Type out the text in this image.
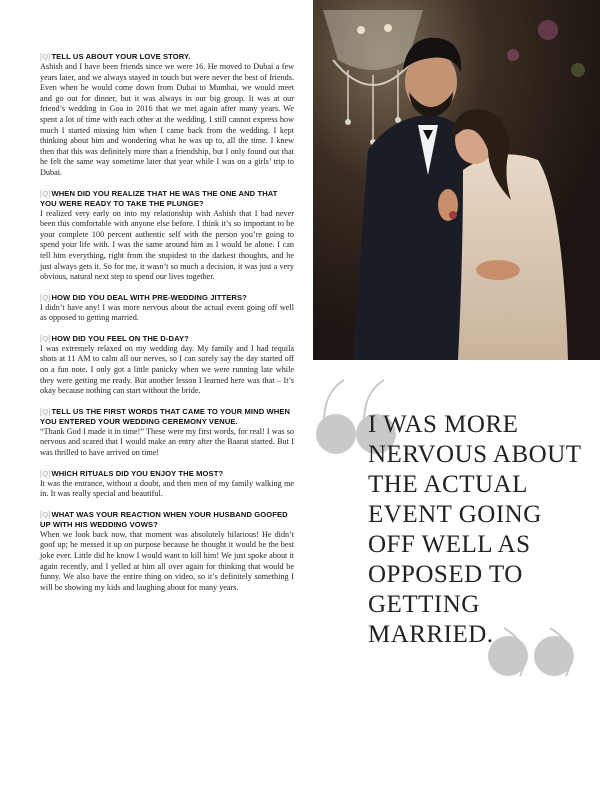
[Q]TELL US ABOUT YOUR LOVE STORY.

Ashish and I have been friends since we were 16. He moved to Dubai a few years later, and we always stayed in touch but were never the best of friends. Even when he would come down from Dubai to Mumbai, we would meet and go out for dinner, but it was always in our big group. It was at our friend’s wedding in Goa in 2016 that we met again after many years. We spent a lot of time with each other at the wedding. I still cannot express how much I started missing him when I came back from the wedding. I kept thinking about him and wondering what he was up to, all the time. I knew then that this was definitely more than a friendship, but I only found out that he felt the same way sometime later that year while I was on a girls’ trip to Dubai.

[Q]WHEN DID YOU REALIZE THAT HE WAS THE ONE AND THAT YOU WERE READY TO TAKE THE PLUNGE?

I realized very early on into my relationship with Ashish that I had never been this comfortable with anyone else before. I think it’s so important to be your complete 100 percent authentic self with the person you’re going to spend your life with. I was the same around him as I would be alone. I can tell him everything, right from the stupidest to the darkest thoughts, and he just always gets it. So for me, it wasn’t so much a decision, it was just a very obvious, natural next step to spend our lives together.

[Q]HOW DID YOU DEAL WITH PRE-WEDDING JITTERS?

I didn’t have any! I was more nervous about the actual event going off well as opposed to getting married.

[Q]HOW DID YOU FEEL ON THE D-DAY?

I was extremely relaxed on my wedding day. My family and I had tequila shots at 11 AM to calm all our nerves, so I can surely say the day started off on a fun note. I only got a little panicky when we were running late while they were getting me ready. But another lesson I learned here was that – It’s okay because nothing can start without the bride.

[Q]TELL US THE FIRST WORDS THAT CAME TO YOUR MIND WHEN YOU ENTERED YOUR WEDDING CEREMONY VENUE.

“Thank God I made it in time!” These were my first words, for real! I was so nervous and scared that I would make an entry after the Baarat started. But I was thrilled to have arrived on time!

[Q]WHICH RITUALS DID YOU ENJOY THE MOST?

It was the entrance, without a doubt, and then men of my family walking me in. It was really special and beautiful.

[Q]WHAT WAS YOUR REACTION WHEN YOUR HUSBAND GOOFED UP WITH HIS WEDDING VOWS?

When we look back now, that moment was absolutely hilarious! He didn’t goof up; he messed it up on purpose because he thought it would be the best joke ever. Little did he know I would want to kill him! We just spoke about it again recently, and I yelled at him all over again for thinking that would be funny. We also have the entire thing on video, so it’s definitely something I will be showing my kids and laughing about for many years.

I WAS MORE NERVOUS ABOUT THE ACTUAL EVENT GOING OFF WELL AS OPPOSED TO GETTING MARRIED.
